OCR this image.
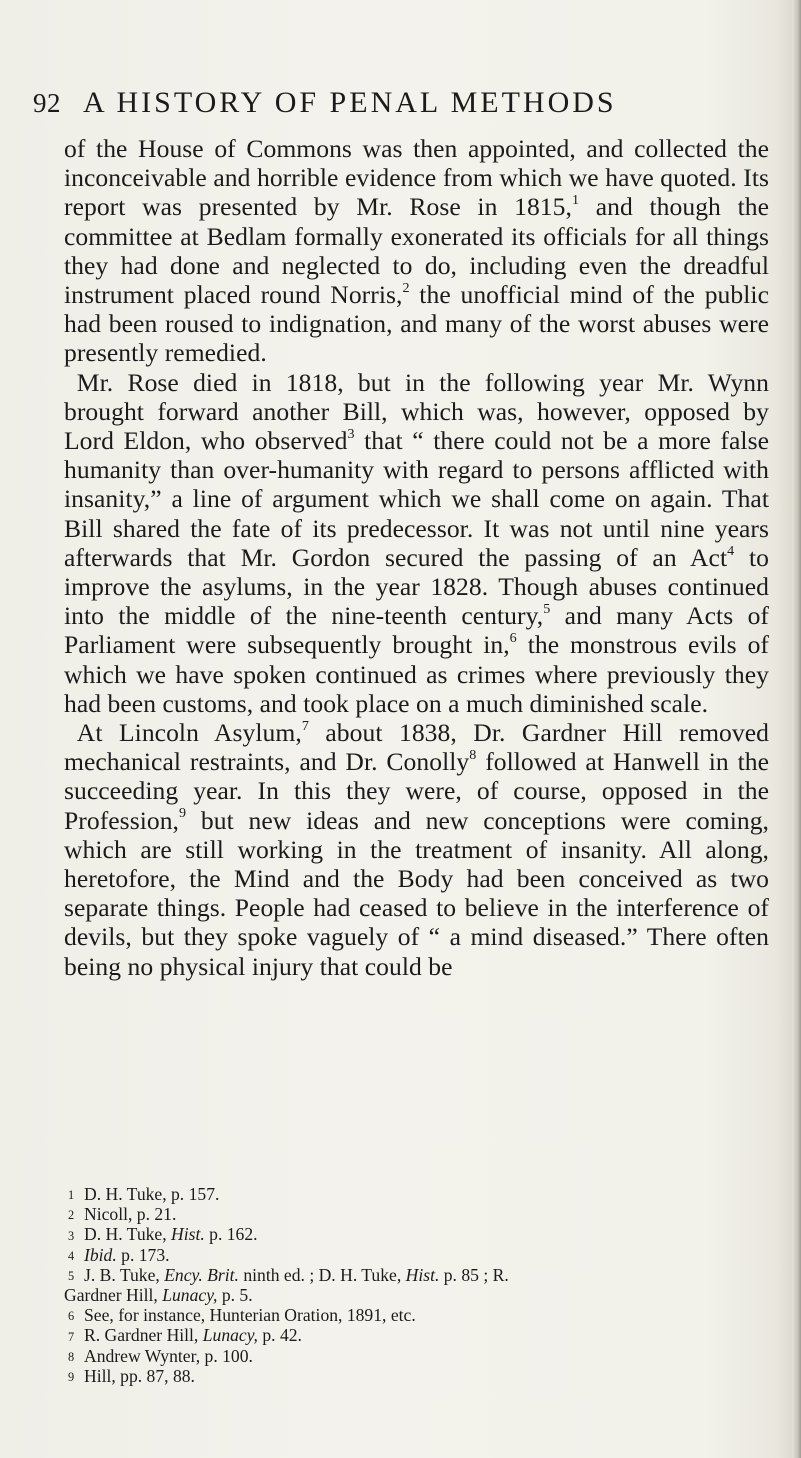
92 A HISTORY OF PENAL METHODS

of the House of Commons was then appointed, and collected the inconceivable and horrible evidence from which we have quoted. Its report was presented by Mr. Rose in 1815,$^1$ and though the committee at Bedlam formally exonerated its officials for all things they had done and neglected to do, including even the dreadful instrument placed round Norris,$^2$ the unofficial mind of the public had been roused to indignation, and many of the worst abuses were presently remedied.

Mr. Rose died in 1818, but in the following year Mr. Wynn brought forward another Bill, which was, however, opposed by Lord Eldon, who observed$^3$ that “ there could not be a more false humanity than over-humanity with regard to persons afflicted with insanity,” a line of argument which we shall come on again. That Bill shared the fate of its predecessor. It was not until nine years afterwards that Mr. Gordon secured the passing of an Act$^4$ to improve the asylums, in the year 1828. Though abuses continued into the middle of the nine-teenth century,$^5$ and many Acts of Parliament were subsequently brought in,$^6$ the monstrous evils of which we have spoken continued as crimes where previously they had been customs, and took place on a much diminished scale.

At Lincoln Asylum,$^7$ about 1838, Dr. Gardner Hill removed mechanical restraints, and Dr. Conolly$^8$ followed at Hanwell in the succeeding year. In this they were, of course, opposed in the Profession,$^9$ but new ideas and new conceptions were coming, which are still working in the treatment of insanity. All along, heretofore, the Mind and the Body had been conceived as two separate things. People had ceased to believe in the interference of devils, but they spoke vaguely of “ a mind diseased.” There often being no physical injury that could be

1 D. H. Tuke, p. 157.

2 Nicoll, p. 21.

3 D. H. Tuke, Hist. p. 162.

4 Ibid. p. 173.

5 J. B. Tuke, Ency. Brit. ninth ed. ; D. H. Tuke, Hist. p. 85 ; R.

Gardner Hill, Lunacy, p. 5.

6 See, for instance, Hunterian Oration, 1891, etc.

7 R. Gardner Hill, Lunacy, p. 42.

8 Andrew Wynter, p. 100.

9 Hill, pp. 87, 88.
